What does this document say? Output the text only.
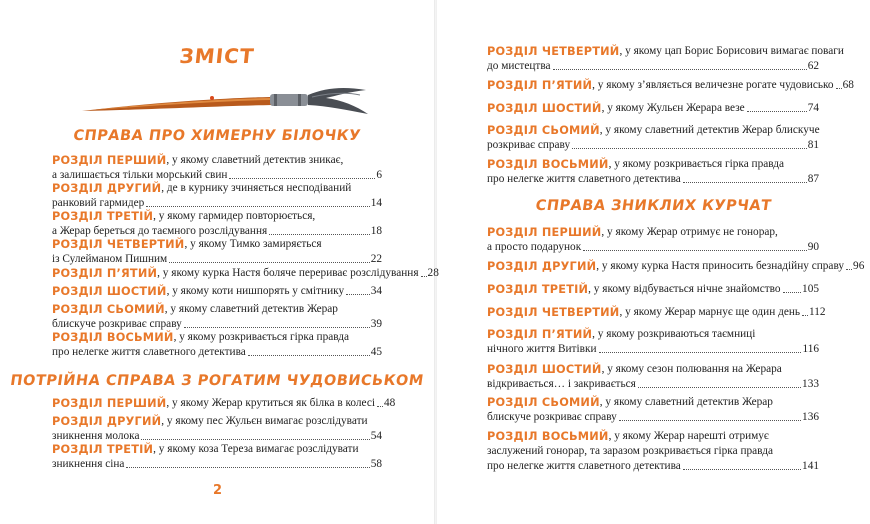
ЗМІСТ
СПРАВА ПРО ХИМЕРНУ БІЛОЧКУ
РОЗДІЛ ПЕРШИЙ , у якому славетний детектив зникає,
а залишається тільки морський свин	6
РОЗДІЛ ДРУГИЙ , де в курнику зчиняється несподіваний
ранковий гармидер	14
РОЗДІЛ ТРЕТІЙ , у якому гармидер повторюється,
а Жерар береться до таємного розслідування	18
РОЗДІЛ ЧЕТВЕРТИЙ , у якому Тимко замиряється
із Сулейманом Пишним	22
РОЗДІЛ П’ЯТИЙ , у якому курка Настя боляче перериває розслідування 28
РОЗДІЛ ШОСТИЙ , у якому коти нишпорять у смітнику 34
РОЗДІЛ СЬОМИЙ , у якому славетний детектив Жерар
блискуче розкриває справу	39
РОЗДІЛ ВОСЬМИЙ , у якому розкривається гірка правда
про нелегке життя славетного детектива	45
ПОТРІЙНА СПРАВА З РОГАТИМ ЧУДОВИСЬКОМ
РОЗДІЛ ПЕРШИЙ , у якому Жерар крутиться як білка в колесі 48
РОЗДІЛ ДРУГИЙ , у якому пес Жульєн вимагає розслідувати
зникнення молока	54
РОЗДІЛ ТРЕТІЙ , у якому коза Тереза вимагає розслідувати
зникнення сіна	58
2
РОЗДІЛ ЧЕТВЕРТИЙ , у якому цап Борис Борисович вимагає поваги
до мистецтва	62
РОЗДІЛ П’ЯТИЙ , у якому з’являється величезне рогате чудовисько 68
РОЗДІЛ ШОСТИЙ , у якому Жульєн Жерара везе	74
РОЗДІЛ СЬОМИЙ , у якому славетний детектив Жерар блискуче
розкриває справу	81
РОЗДІЛ ВОСЬМИЙ , у якому розкривається гірка правда
про нелегке життя славетного детектива	87
СПРАВА ЗНИКЛИХ КУРЧАТ
РОЗДІЛ ПЕРШИЙ , у якому Жерар отримує не гонорар,
а просто подарунок	90
РОЗДІЛ ДРУГИЙ , у якому курка Настя приносить безнадійну справу 96
РОЗДІЛ ТРЕТІЙ , у якому відбувається нічне знайомство 105
РОЗДІЛ ЧЕТВЕРТИЙ , у якому Жерар марнує ще один день 112
РОЗДІЛ П’ЯТИЙ , у якому розкриваються таємниці
нічного життя Витівки	116
РОЗДІЛ ШОСТИЙ , у якому сезон полювання на Жерара
відкривається… і закривається	133
РОЗДІЛ СЬОМИЙ , у якому славетний детектив Жерар
блискуче розкриває справу	136
РОЗДІЛ ВОСЬМИЙ , у якому Жерар нарешті отримує
заслужений гонорар, та заразом розкривається гірка правда
про нелегке життя славетного детектива	141
